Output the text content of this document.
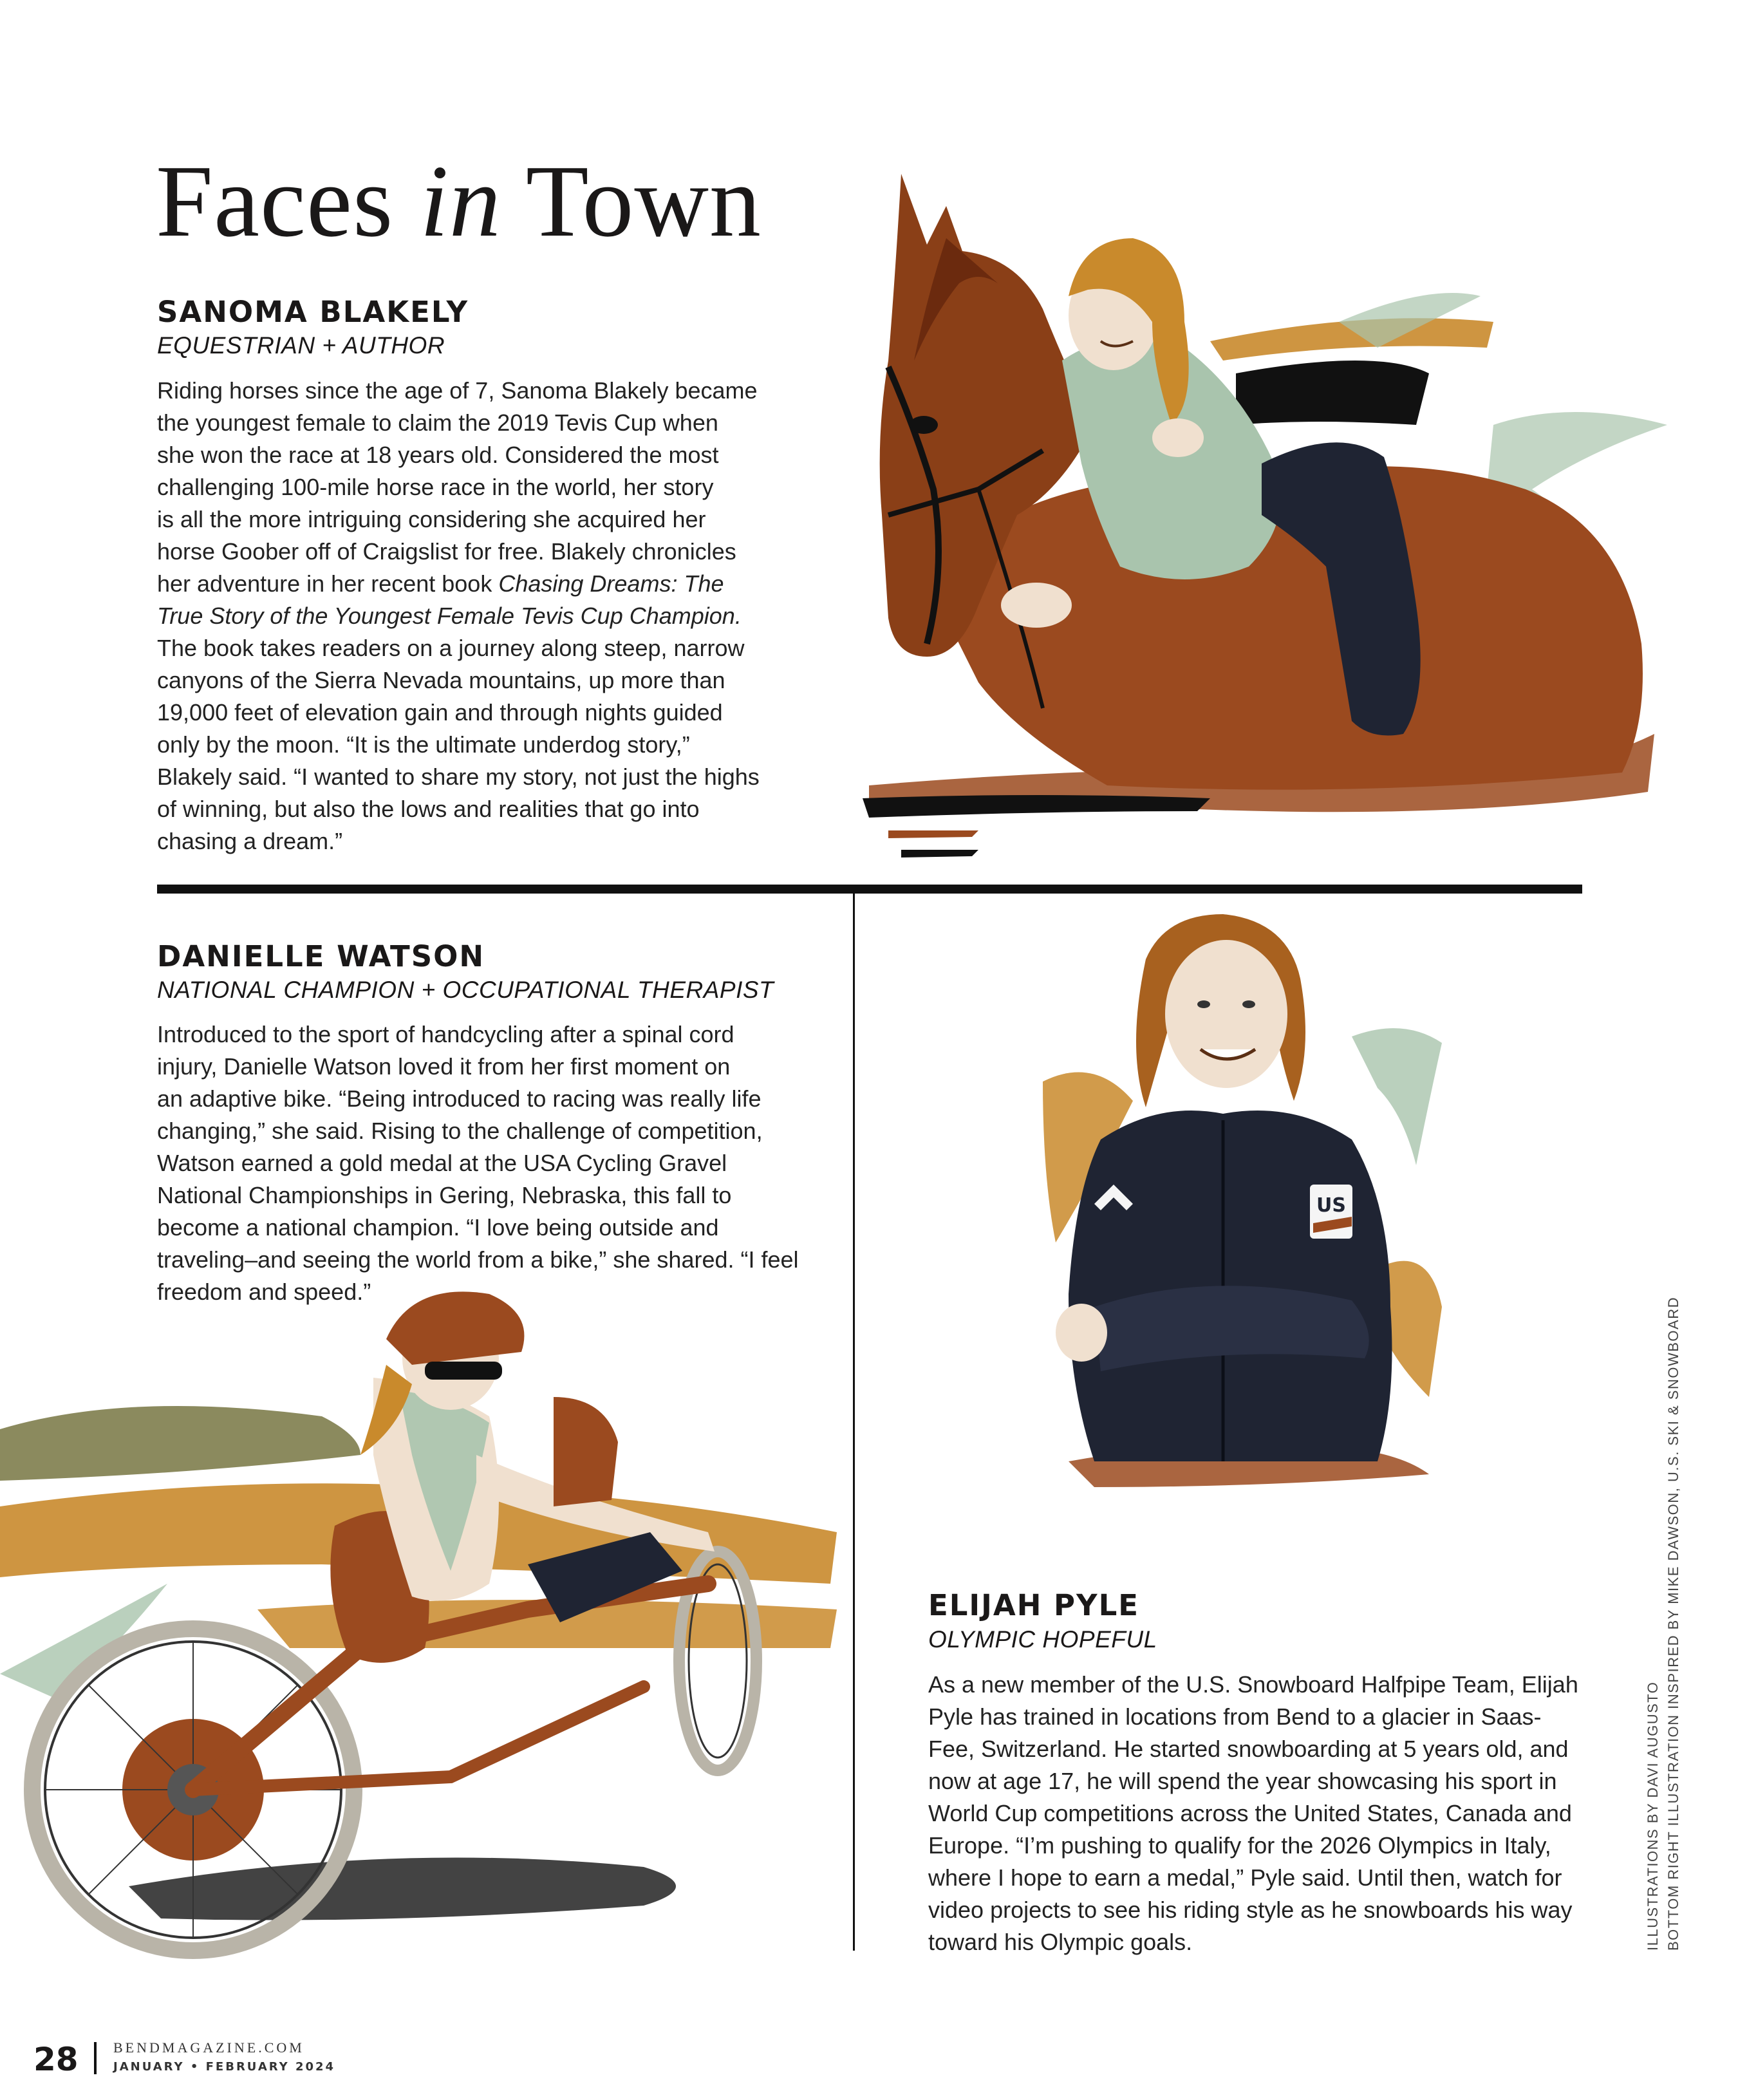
Faces in Town
SANOMA BLAKELY
EQUESTRIAN + AUTHOR

Riding horses since the age of 7, Sanoma Blakely became

the youngest female to claim the 2019 Tevis Cup when

she won the race at 18 years old. Considered the most

challenging 100-mile horse race in the world, her story

is all the more intriguing considering she acquired her

horse Goober off of Craigslist for free. Blakely chronicles

her adventure in her recent book Chasing Dreams: The

True Story of the Youngest Female Tevis Cup Champion.

The book takes readers on a journey along steep, narrow

canyons of the Sierra Nevada mountains, up more than

19,000 feet of elevation gain and through nights guided

only by the moon. “It is the ultimate underdog story,”

Blakely said. “I wanted to share my story, not just the highs

of winning, but also the lows and realities that go into

chasing a dream.”

DANIELLE WATSON
NATIONAL CHAMPION + OCCUPATIONAL THERAPIST

Introduced to the sport of handcycling after a spinal cord

injury, Danielle Watson loved it from her first moment on

an adaptive bike. “Being introduced to racing was really life

changing,” she said. Rising to the challenge of competition,

Watson earned a gold medal at the USA Cycling Gravel

National Championships in Gering, Nebraska, this fall to

become a national champion. “I love being outside and

traveling–and seeing the world from a bike,” she shared. “I feel

freedom and speed.”

US
ELIJAH PYLE
OLYMPIC HOPEFUL

As a new member of the U.S. Snowboard Halfpipe Team, Elijah

Pyle has trained in locations from Bend to a glacier in Saas-

Fee, Switzerland. He started snowboarding at 5 years old, and

now at age 17, he will spend the year showcasing his sport in

World Cup competitions across the United States, Canada and

Europe. “I’m pushing to qualify for the 2026 Olympics in Italy,

where I hope to earn a medal,” Pyle said. Until then, watch for

video projects to see his riding style as he snowboards his way

toward his Olympic goals.	ILLUSTRATIONS BY DAVI AUGUSTO BOTTOM RIGHT ILLUSTRATION INSPIRED BY MIKE DAWSON, U.S. SKI & SNOWBOARD
28 BENDMAGAZINE.COM
JANUARY • FEBRUARY 2024
